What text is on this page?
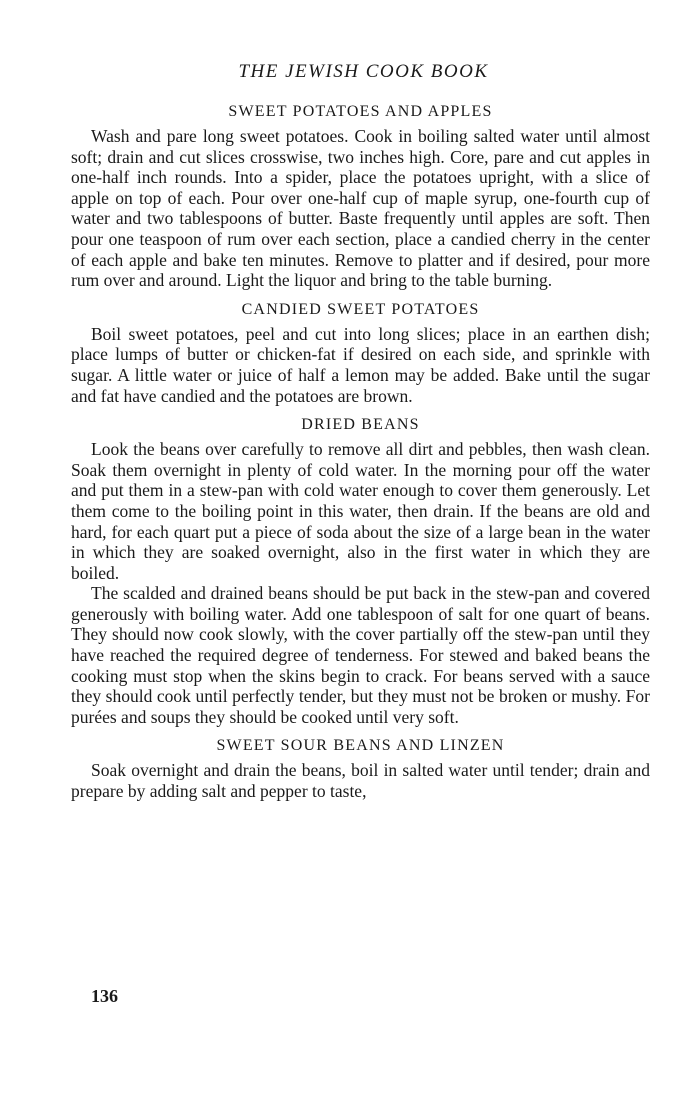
THE JEWISH COOK BOOK
SWEET POTATOES AND APPLES

Wash and pare long sweet potatoes. Cook in boiling salted water until almost soft; drain and cut slices crosswise, two inches high. Core, pare and cut apples in one-half inch rounds. Into a spider, place the potatoes upright, with a slice of apple on top of each. Pour over one-half cup of maple syrup, one-fourth cup of water and two tablespoons of butter. Baste frequently until apples are soft. Then pour one teaspoon of rum over each section, place a candied cherry in the center of each apple and bake ten minutes. Remove to platter and if desired, pour more rum over and around. Light the liquor and bring to the table burning.

CANDIED SWEET POTATOES

Boil sweet potatoes, peel and cut into long slices; place in an earthen dish; place lumps of butter or chicken-fat if desired on each side, and sprinkle with sugar. A little water or juice of half a lemon may be added. Bake until the sugar and fat have candied and the potatoes are brown.

DRIED BEANS

Look the beans over carefully to remove all dirt and pebbles, then wash clean. Soak them overnight in plenty of cold water. In the morning pour off the water and put them in a stew-pan with cold water enough to cover them generously. Let them come to the boiling point in this water, then drain. If the beans are old and hard, for each quart put a piece of soda about the size of a large bean in the water in which they are soaked overnight, also in the first water in which they are boiled.

The scalded and drained beans should be put back in the stew-pan and covered generously with boiling water. Add one tablespoon of salt for one quart of beans. They should now cook slowly, with the cover partially off the stew-pan until they have reached the required degree of tenderness. For stewed and baked beans the cooking must stop when the skins begin to crack. For beans served with a sauce they should cook until perfectly tender, but they must not be broken or mushy. For purées and soups they should be cooked until very soft.

SWEET SOUR BEANS AND LINZEN

Soak overnight and drain the beans, boil in salted water until tender; drain and prepare by adding salt and pepper to taste,

136
